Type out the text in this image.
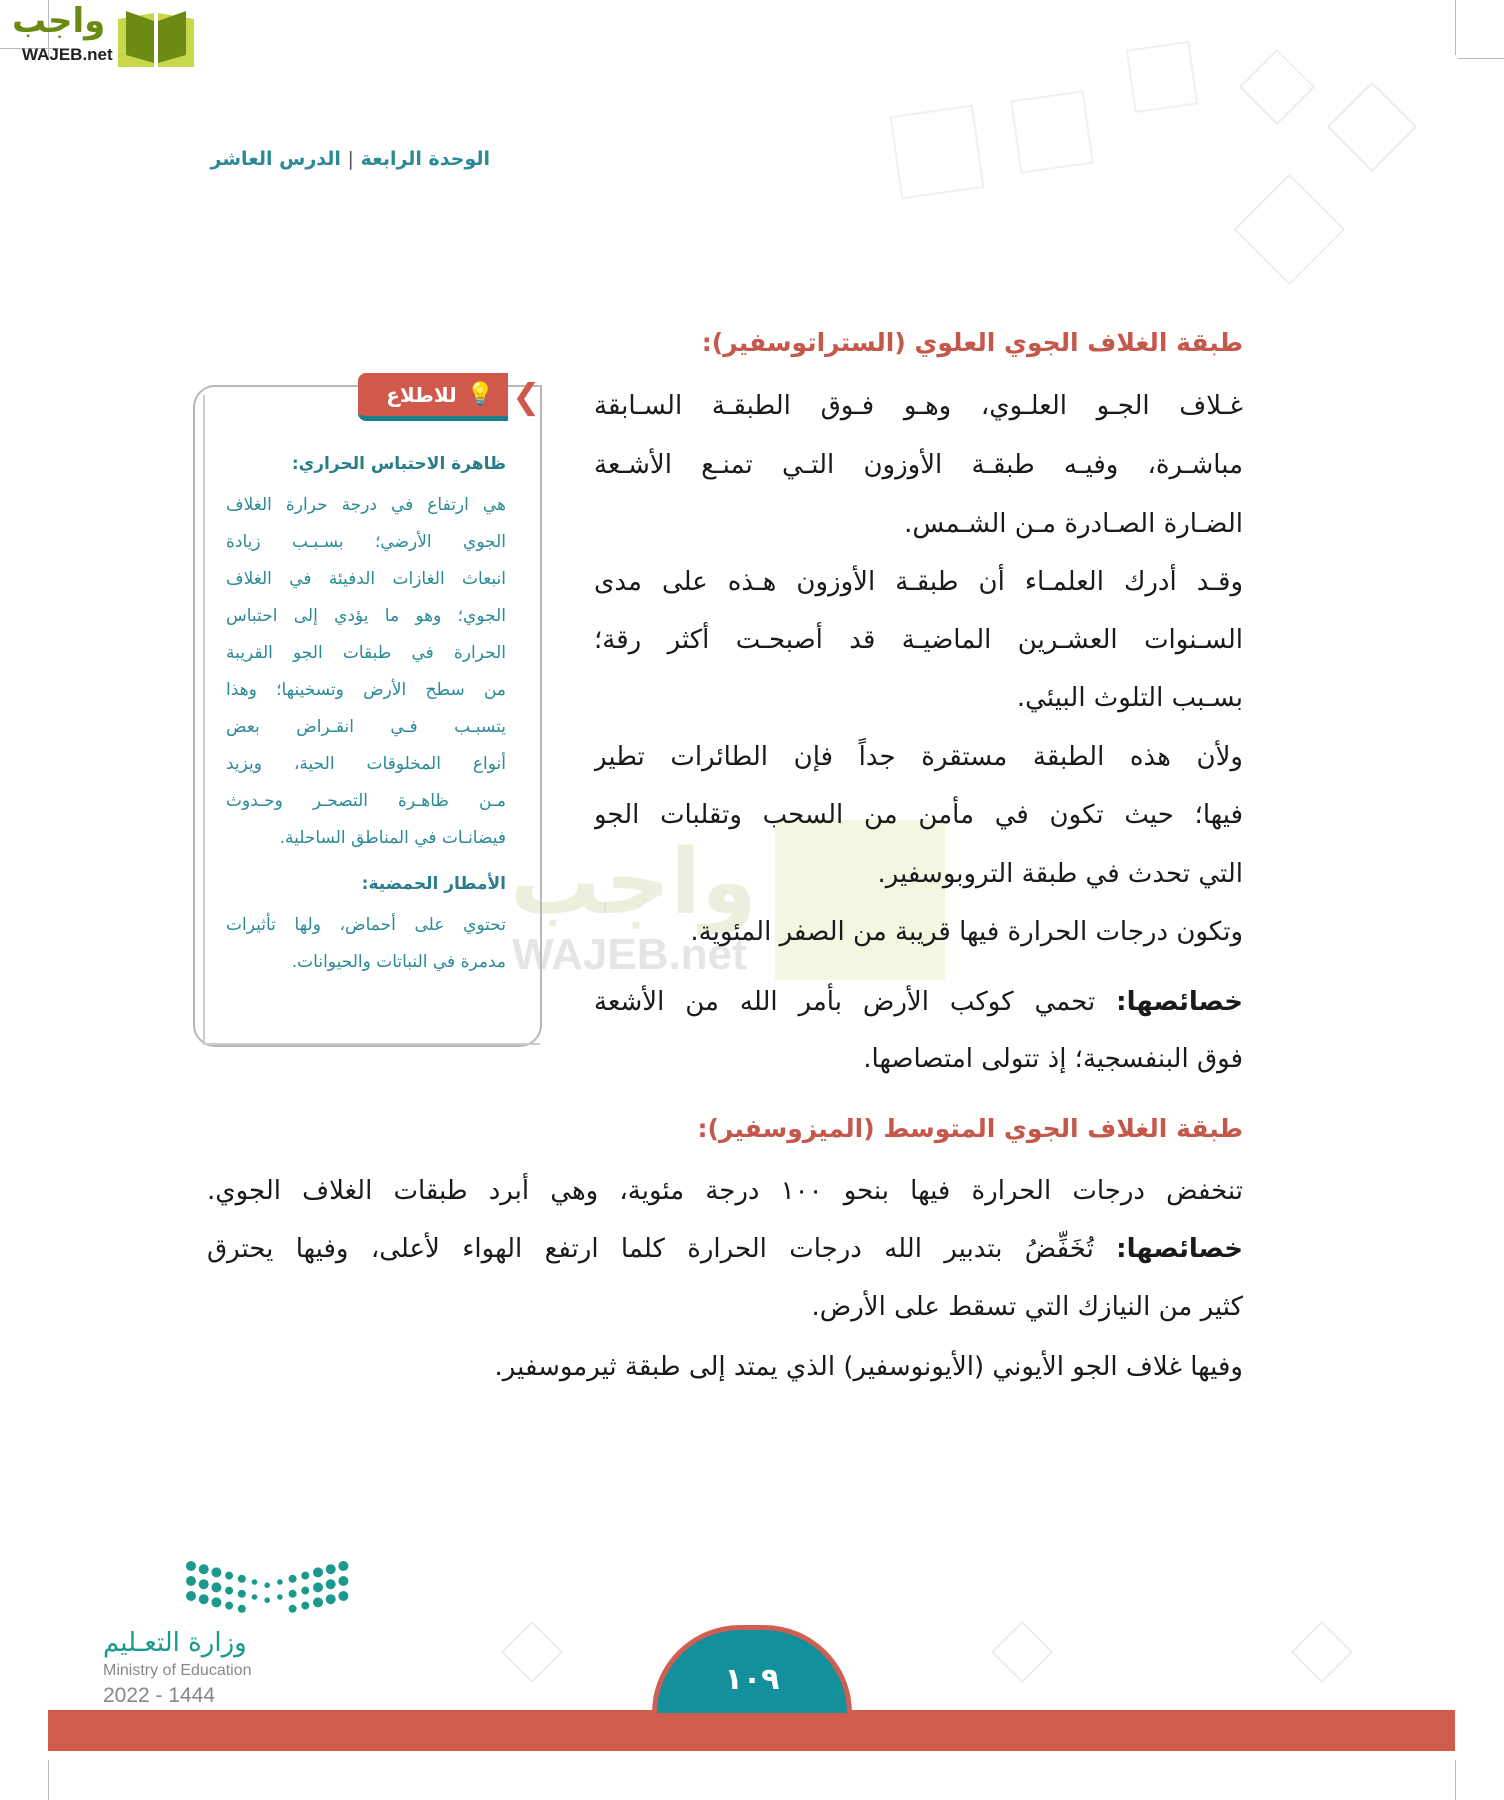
واجب
WAJEB.net
الوحدة الرابعة | الدرس العاشر
واجب
WAJEB.net
طبقة الغلاف الجوي العلوي (الستراتوسفير):
غـلاف الجـو العلـوي، وهـو فـوق الطبقـة السـابقة
مباشـرة، وفيـه طبقـة الأوزون التـي تمنـع الأشـعة
الضـارة الصـادرة مـن الشـمس.
وقـد أدرك العلمـاء أن طبقـة الأوزون هـذه على مدى
السـنوات العشـرين الماضيـة قد أصبحـت أكثر رقة؛
بسـبب التلوث البيئي.
ولأن هذه الطبقة مستقرة جداً فإن الطائرات تطير
فيها؛ حيث تكون في مأمن من السحب وتقلبات الجو
التي تحدث في طبقة التروبوسفير.
وتكون درجات الحرارة فيها قريبة من الصفر المئوية.
خصائصها: تحمي كوكب الأرض بأمر الله من الأشعة
فوق البنفسجية؛ إذ تتولى امتصاصها.
طبقة الغلاف الجوي المتوسط (الميزوسفير):
تنخفض درجات الحرارة فيها بنحو ١٠٠ درجة مئوية، وهي أبرد طبقات الغلاف الجوي.
خصائصها: تُخَفِّضُ بتدبير الله درجات الحرارة كلما ارتفع الهواء لأعلى، وفيها يحترق
كثير من النيازك التي تسقط على الأرض.
وفيها غلاف الجو الأيوني (الأيونوسفير) الذي يمتد إلى طبقة ثيرموسفير.
💡
للاطلاع ❮
ظاهرة الاحتباس الحراري:
هي ارتفاع في درجة حرارة الغلاف
الجوي الأرضي؛ بسـبـب زيادة
انبعاث الغازات الدفيئة في الغلاف
الجوي؛ وهو ما يؤدي إلى احتباس
الحرارة في طبقات الجو القريبة
من سطح الأرض وتسخينها؛ وهذا
يتسبـب فـي انقـراض بعض
أنواع المخلوقات الحية، ويزيد
مـن ظاهـرة التصحـر وحـدوث
فيضانـات في المناطق الساحلية.
الأمطار الحمضية:
تحتوي على أحماض، ولها تأثيرات
مدمرة في النباتات والحيوانات.
وزارة التعـليم
Ministry of Education
2022 - 1444	١٠٩
